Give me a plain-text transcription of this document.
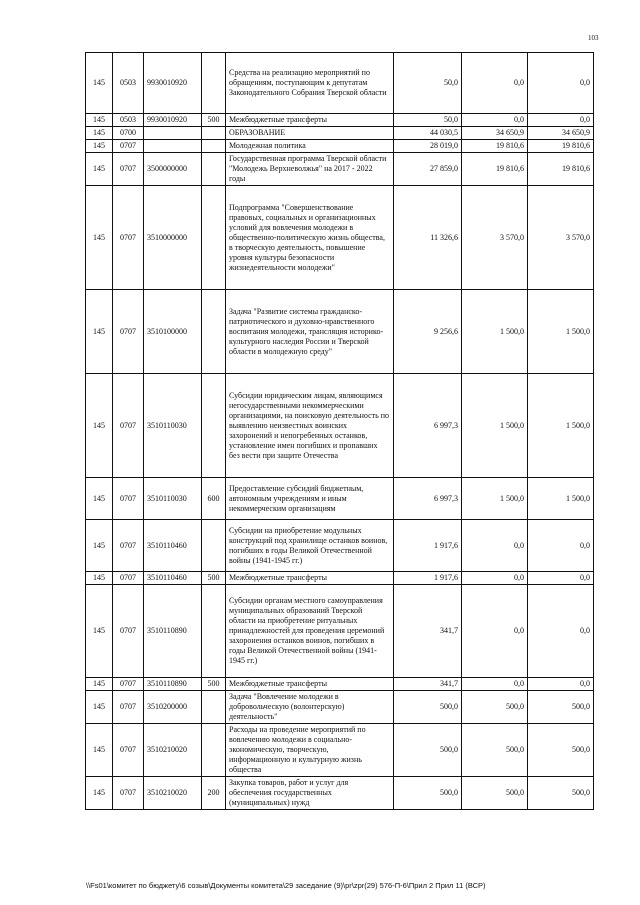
103
145	0503	9930010920		Средства на реализацию мероприятий по обращениям, поступающим к депутатам Законодательного Собрания Тверской области	50,0	0,0	0,0
145	0503	9930010920	500	Межбюджетные трансферты	50,0	0,0	0,0
145	0700			ОБРАЗОВАНИЕ	44 030,5	34 650,9	34 650,9
145	0707			Молодежная политика	28 019,0	19 810,6	19 810,6
145	0707	3500000000		Государственная программа Тверской области "Молодежь Верхневолжья" на 2017 - 2022 годы	27 859,0	19 810,6	19 810,6
145	0707	3510000000		Подпрограмма "Совершенствование правовых, социальных и организационных условий для вовлечения молодежи в общественно-политическую жизнь общества, в творческую деятельность, повышение уровня культуры безопасности жизнедеятельности молодежи"	11 326,6	3 570,0	3 570,0
145	0707	3510100000		Задача "Развитие системы гражданско-патриотического и духовно-нравственного воспитания молодежи, трансляция историко-культурного наследия России и Тверской области в молодежную среду"	9 256,6	1 500,0	1 500,0
145	0707	3510110030		Субсидии юридическим лицам, являющимся негосударственными некоммерческими организациями, на поисковую деятельность по выявлению неизвестных воинских захоронений и непогребенных останков, установление имен погибших и пропавших без вести при защите Отечества	6 997,3	1 500,0	1 500,0
145	0707	3510110030	600	Предоставление субсидий бюджетным, автономным учреждениям и иным некоммерческим организациям	6 997,3	1 500,0	1 500,0
145	0707	3510110460		Субсидии на приобретение модульных конструкций под хранилище останков воинов, погибших в годы Великой Отечественной войны (1941-1945 гг.)	1 917,6	0,0	0,0
145	0707	3510110460	500	Межбюджетные трансферты	1 917,6	0,0	0,0
145	0707	3510110890		Субсидии органам местного самоуправления муниципальных образований Тверской области на приобретение ритуальных принадлежностей для проведения церемоний захоронения останков воинов, погибших в годы Великой Отечественной войны (1941-1945 гг.)	341,7	0,0	0,0
145	0707	3510110890	500	Межбюджетные трансферты	341,7	0,0	0,0
145	0707	3510200000		Задача "Вовлечение молодежи в добровольческую (волонтерскую) деятельность"	500,0	500,0	500,0
145	0707	3510210020		Расходы на проведение мероприятий по вовлечению молодежи в социально-экономическую, творческую, информационную и культурную жизнь общества	500,0	500,0	500,0
145	0707	3510210020	200	Закупка товаров, работ и услуг для обеспечения государственных (муниципальных) нужд	500,0	500,0	500,0
\\Fs01\комитет по бюджету\6 созыв\Документы комитета\29 заседание (9)\pr\zpr(29) 576-П-6\Прил 2 Прил 11 (ВСР)
